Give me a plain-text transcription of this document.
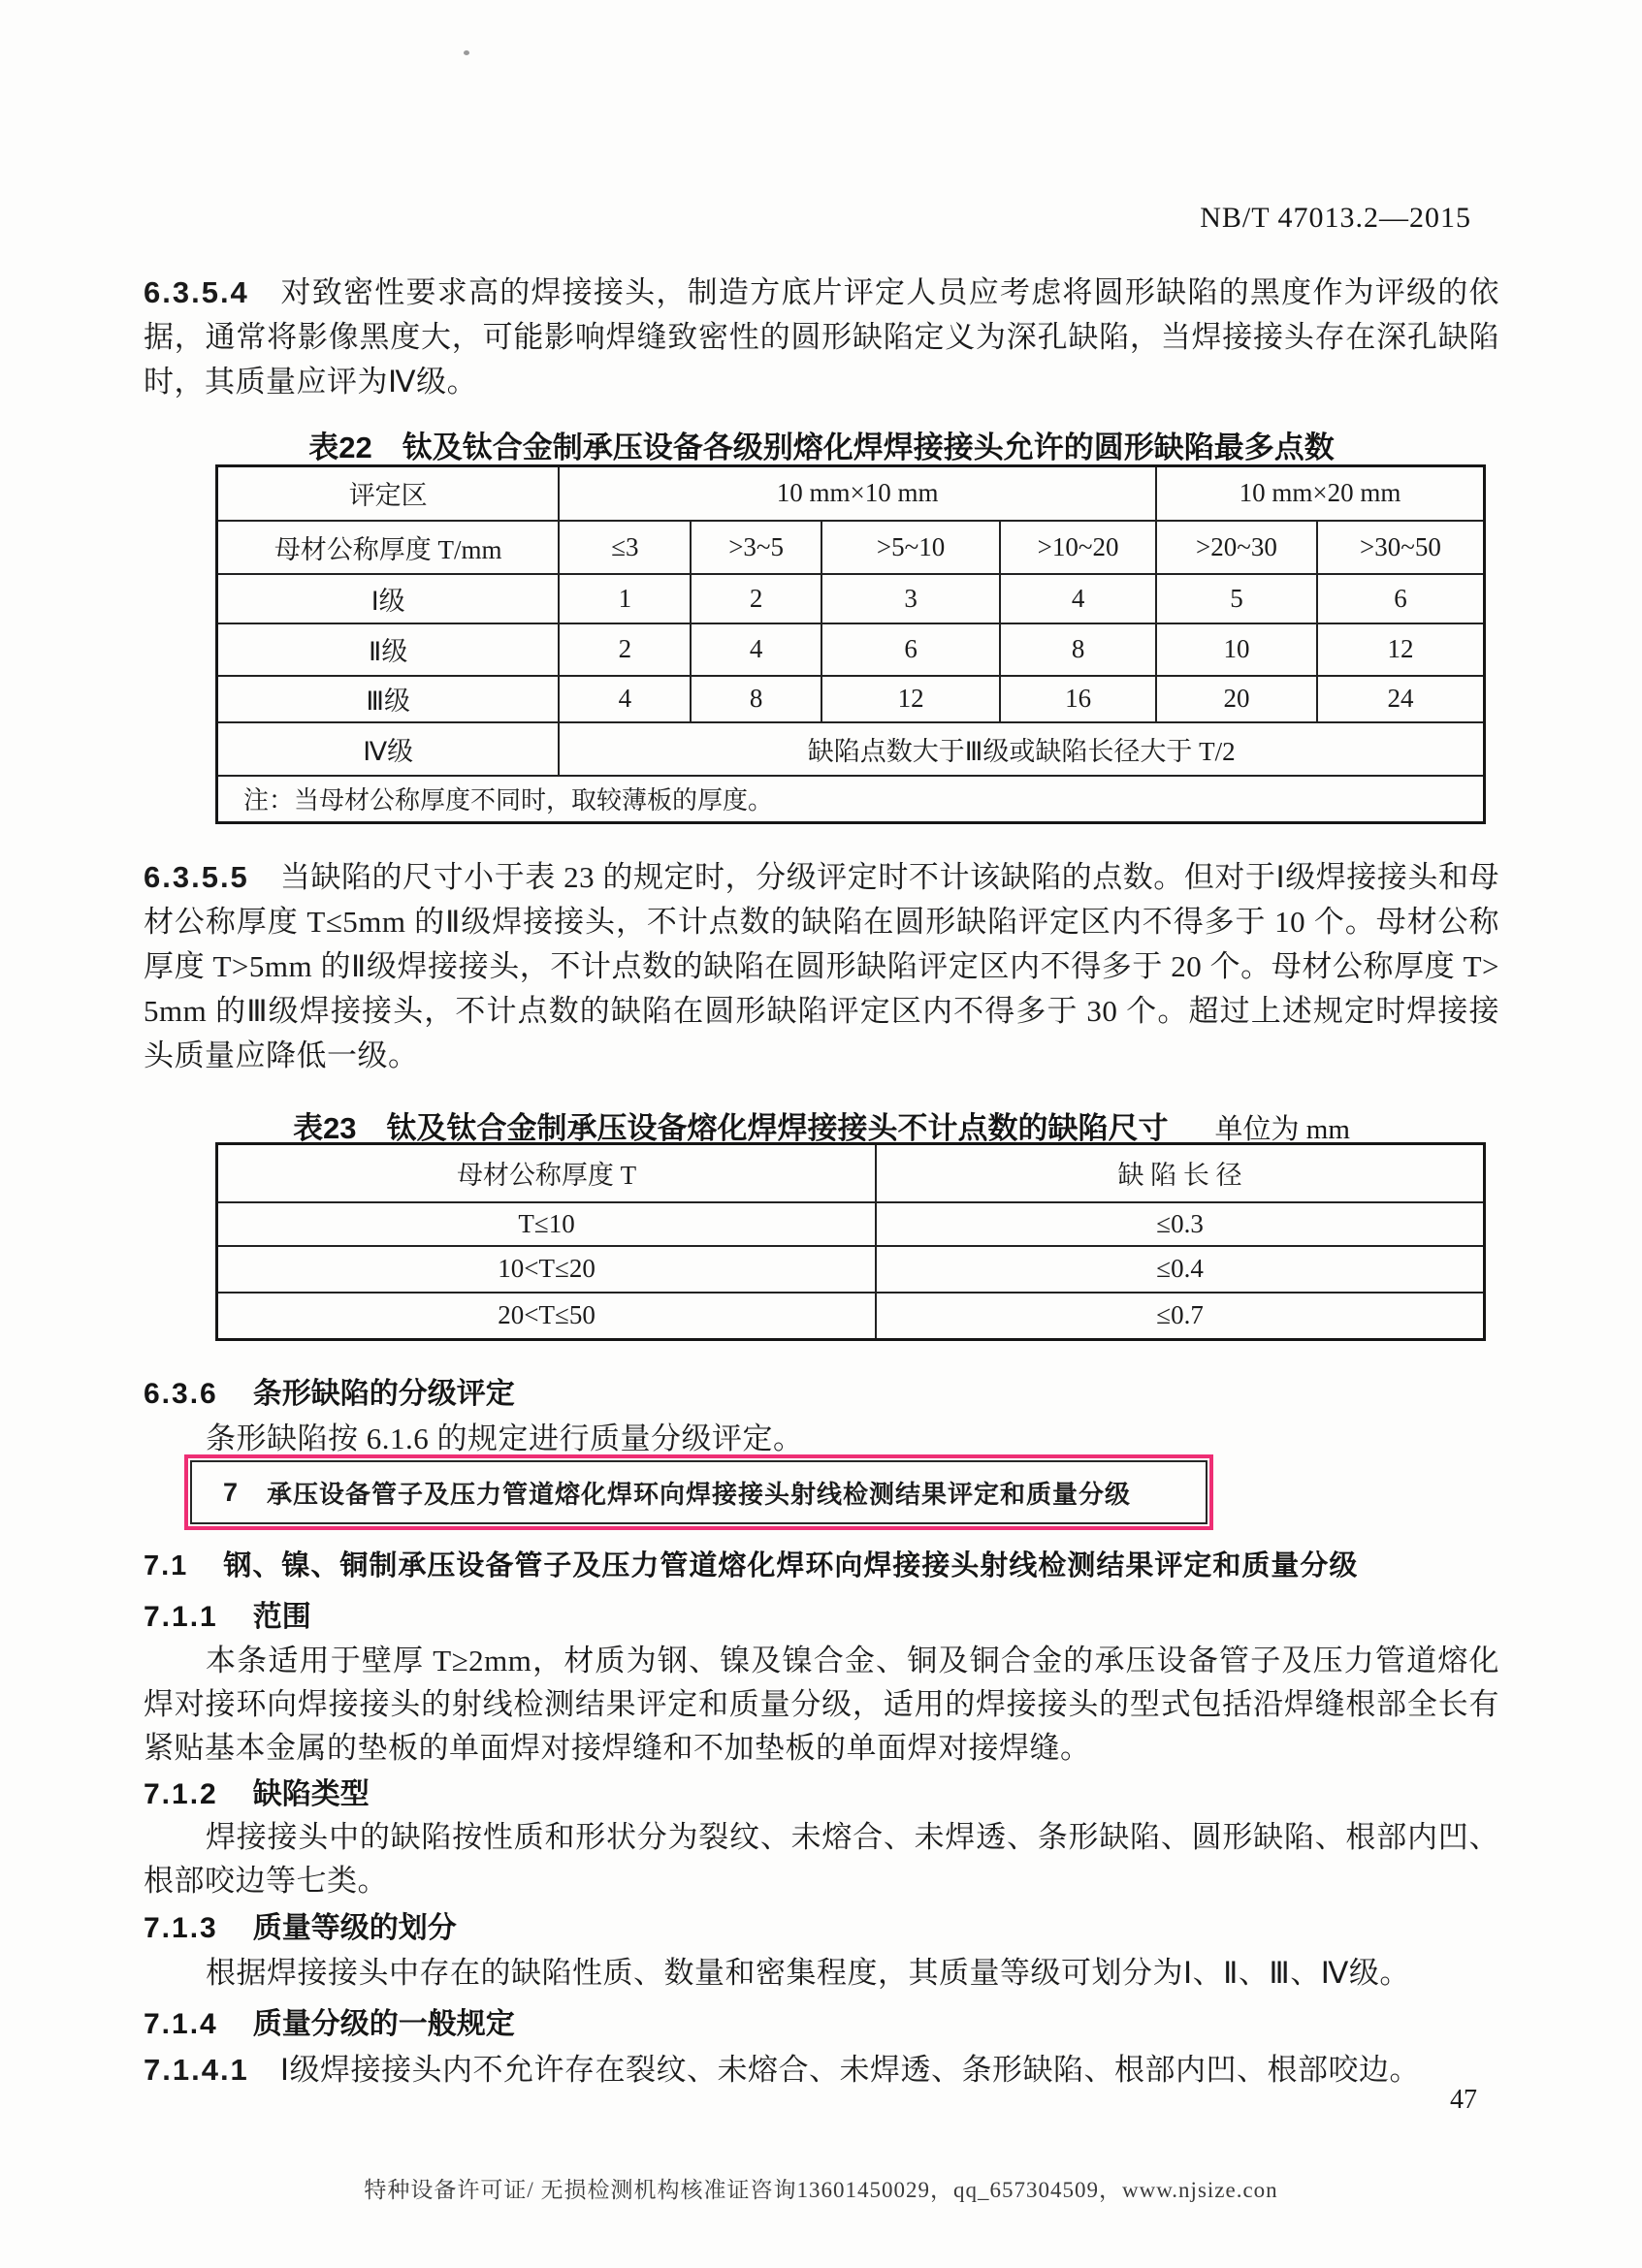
NB/T 47013.2—2015

6.3.5.4 对致密性要求高的焊接接头，制造方底片评定人员应考虑将圆形缺陷的黑度作为评级的依据，通常将影像黑度大，可能影响焊缝致密性的圆形缺陷定义为深孔缺陷，当焊接接头存在深孔缺陷时，其质量应评为Ⅳ级。

表22　钛及钛合金制承压设备各级别熔化焊焊接接头允许的圆形缺陷最多点数
评定区	10 mm×10 mm				10 mm×20 mm	
母材公称厚度 T/mm	≤3	>3~5	>5~10	>10~20	>20~30	>30~50
Ⅰ级	1	2	3	4	5	6
Ⅱ级	2	4	6	8	10	12
Ⅲ级	4	8	12	16	20	24
Ⅳ级	缺陷点数大于Ⅲ级或缺陷长径大于 T/2					
注：当母材公称厚度不同时，取较薄板的厚度。						

6.3.5.5 当缺陷的尺寸小于表 23 的规定时，分级评定时不计该缺陷的点数。但对于Ⅰ级焊接接头和母材公称厚度 T≤5mm 的Ⅱ级焊接接头，不计点数的缺陷在圆形缺陷评定区内不得多于 10 个。母材公称厚度 T>5mm 的Ⅱ级焊接接头，不计点数的缺陷在圆形缺陷评定区内不得多于 20 个。母材公称厚度 T>5mm 的Ⅲ级焊接接头，不计点数的缺陷在圆形缺陷评定区内不得多于 30 个。超过上述规定时焊接接头质量应降低一级。

表23　钛及钛合金制承压设备熔化焊焊接接头不计点数的缺陷尺寸 单位为 mm
母材公称厚度 T	缺 陷 长 径
T≤10	≤0.3
10<T≤20	≤0.4
20<T≤50	≤0.7
6.3.6 条形缺陷的分级评定

条形缺陷按 6.1.6 的规定进行质量分级评定。

7 承压设备管子及压力管道熔化焊环向焊接接头射线检测结果评定和质量分级
7.1 钢、镍、铜制承压设备管子及压力管道熔化焊环向焊接接头射线检测结果评定和质量分级
7.1.1 范围

本条适用于壁厚 T≥2mm，材质为钢、镍及镍合金、铜及铜合金的承压设备管子及压力管道熔化焊对接环向焊接接头的射线检测结果评定和质量分级，适用的焊接接头的型式包括沿焊缝根部全长有紧贴基本金属的垫板的单面焊对接焊缝和不加垫板的单面焊对接焊缝。

7.1.2 缺陷类型

焊接接头中的缺陷按性质和形状分为裂纹、未熔合、未焊透、条形缺陷、圆形缺陷、根部内凹、根部咬边等七类。

7.1.3 质量等级的划分

根据焊接接头中存在的缺陷性质、数量和密集程度，其质量等级可划分为Ⅰ、Ⅱ、Ⅲ、Ⅳ级。

7.1.4 质量分级的一般规定

7.1.4.1 Ⅰ级焊接接头内不允许存在裂纹、未熔合、未焊透、条形缺陷、根部内凹、根部咬边。

47
特种设备许可证/ 无损检测机构核准证咨询13601450029，qq_657304509，www.njsize.con
